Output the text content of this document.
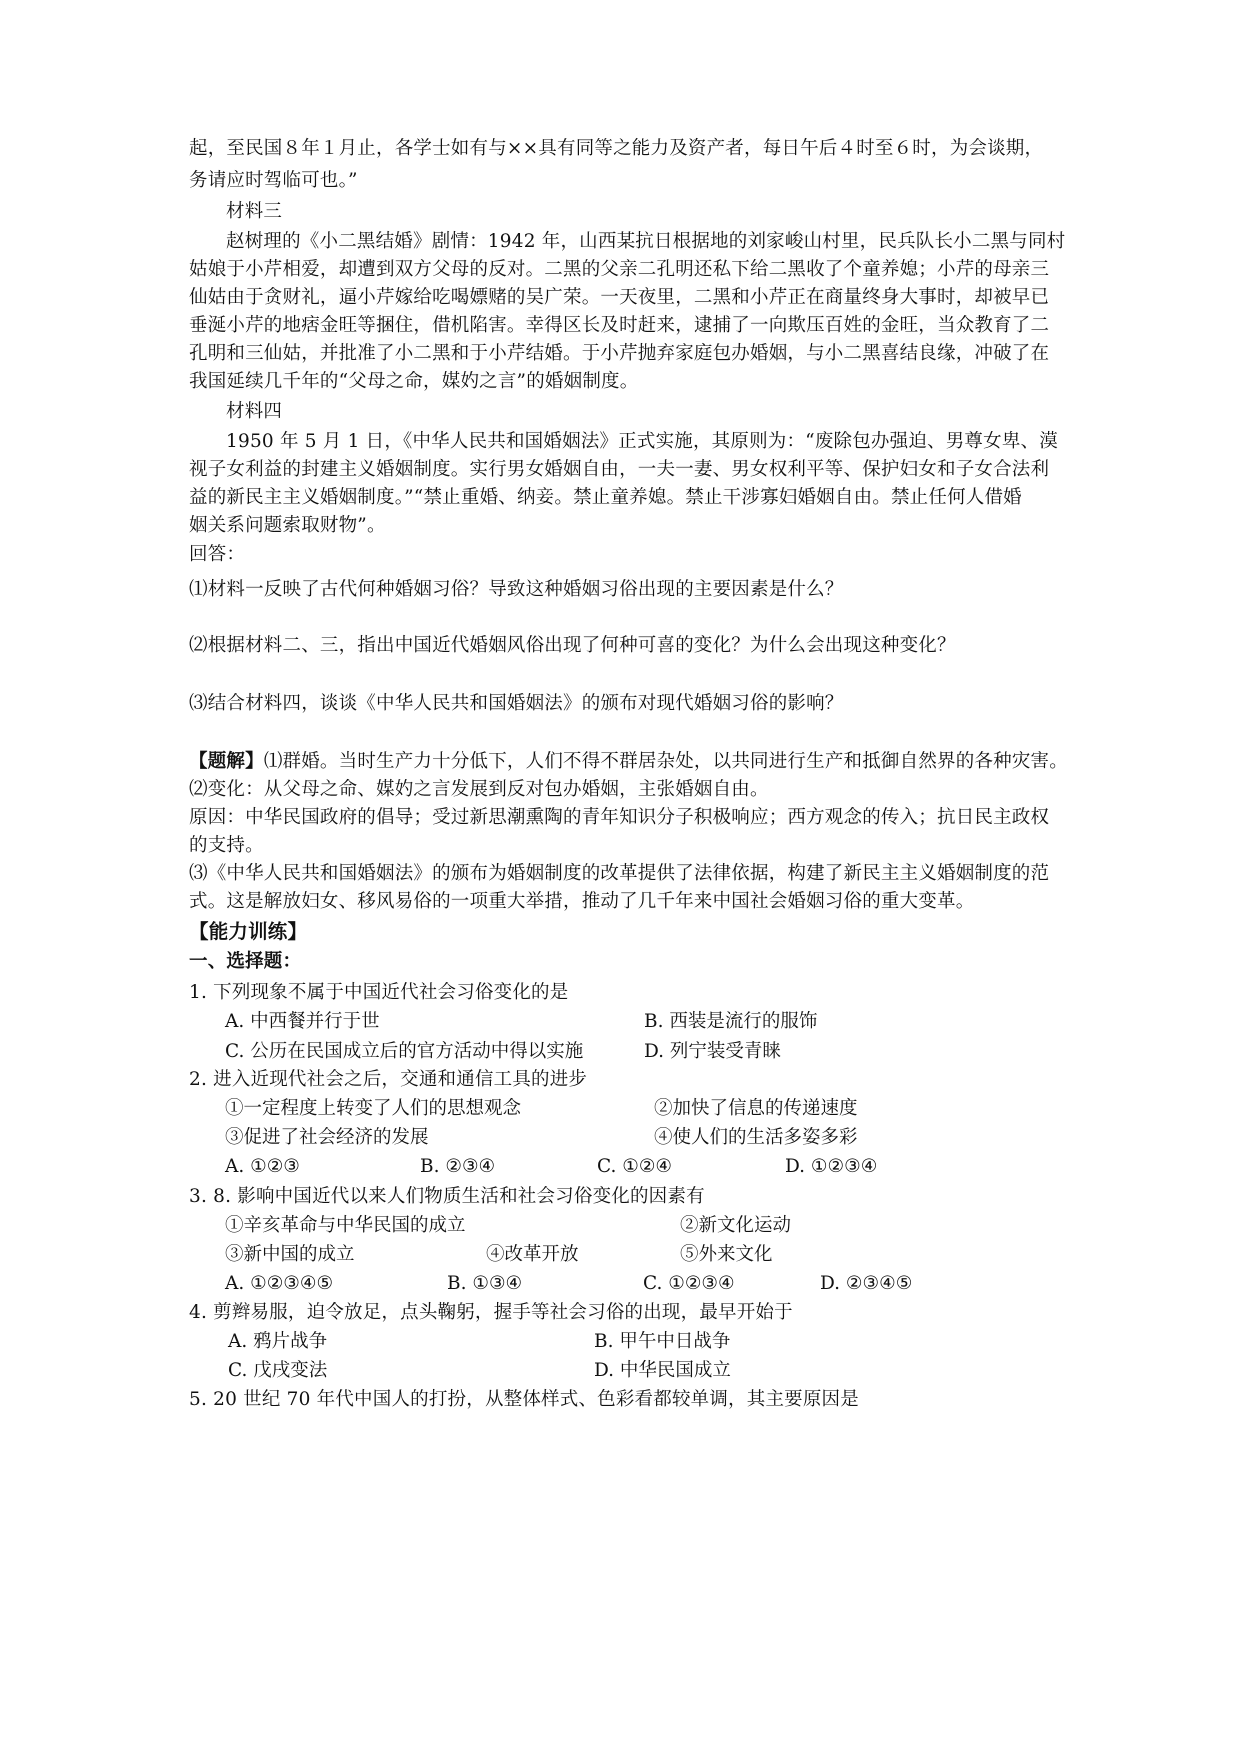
起，至民国８年１月止，各学士如有与××具有同等之能力及资产者，每日午后４时至６时，为会谈期，
务请应时驾临可也。”
材料三
赵树理的《小二黑结婚》剧情：1942 年，山西某抗日根据地的刘家峻山村里，民兵队长小二黑与同村
姑娘于小芹相爱，却遭到双方父母的反对。二黑的父亲二孔明还私下给二黑收了个童养媳；小芹的母亲三
仙姑由于贪财礼，逼小芹嫁给吃喝嫖赌的吴广荣。一天夜里，二黑和小芹正在商量终身大事时，却被早已
垂涎小芹的地痞金旺等捆住，借机陷害。幸得区长及时赶来，逮捕了一向欺压百姓的金旺，当众教育了二
孔明和三仙姑，并批准了小二黑和于小芹结婚。于小芹抛弃家庭包办婚姻，与小二黑喜结良缘，冲破了在
我国延续几千年的“父母之命，媒妁之言”的婚姻制度。
材料四
1950 年 5 月 1 日，《中华人民共和国婚姻法》正式实施，其原则为：“废除包办强迫、男尊女卑、漠
视子女利益的封建主义婚姻制度。实行男女婚姻自由，一夫一妻、男女权利平等、保护妇女和子女合法利
益的新民主主义婚姻制度。”“禁止重婚、纳妾。禁止童养媳。禁止干涉寡妇婚姻自由。禁止任何人借婚
姻关系问题索取财物”。
回答：
⑴材料一反映了古代何种婚姻习俗？导致这种婚姻习俗出现的主要因素是什么？
⑵根据材料二、三，指出中国近代婚姻风俗出现了何种可喜的变化？为什么会出现这种变化？
⑶结合材料四，谈谈《中华人民共和国婚姻法》的颁布对现代婚姻习俗的影响？
【题解】⑴群婚。当时生产力十分低下，人们不得不群居杂处，以共同进行生产和抵御自然界的各种灾害。
⑵变化：从父母之命、媒妁之言发展到反对包办婚姻，主张婚姻自由。
原因：中华民国政府的倡导；受过新思潮熏陶的青年知识分子积极响应；西方观念的传入；抗日民主政权
的支持。
⑶《中华人民共和国婚姻法》的颁布为婚姻制度的改革提供了法律依据，构建了新民主主义婚姻制度的范
式。这是解放妇女、移风易俗的一项重大举措，推动了几千年来中国社会婚姻习俗的重大变革。
【能力训练】
一、选择题：
1. 下列现象不属于中国近代社会习俗变化的是
A. 中西餐并行于世	B. 西装是流行的服饰
C. 公历在民国成立后的官方活动中得以实施	D. 列宁装受青睐
2. 进入近现代社会之后，交通和通信工具的进步
①一定程度上转变了人们的思想观念	②加快了信息的传递速度
③促进了社会经济的发展	④使人们的生活多姿多彩
A. ①②③	B. ②③④	C. ①②④	D. ①②③④
3. 8. 影响中国近代以来人们物质生活和社会习俗变化的因素有
①辛亥革命与中华民国的成立	②新文化运动
③新中国的成立	④改革开放	⑤外来文化
A. ①②③④⑤	B. ①③④	C. ①②③④	D. ②③④⑤
4. 剪辫易服，迫令放足，点头鞠躬，握手等社会习俗的出现，最早开始于
A. 鸦片战争	B. 甲午中日战争
C. 戊戌变法	D. 中华民国成立
5. 20 世纪 70 年代中国人的打扮，从整体样式、色彩看都较单调，其主要原因是
